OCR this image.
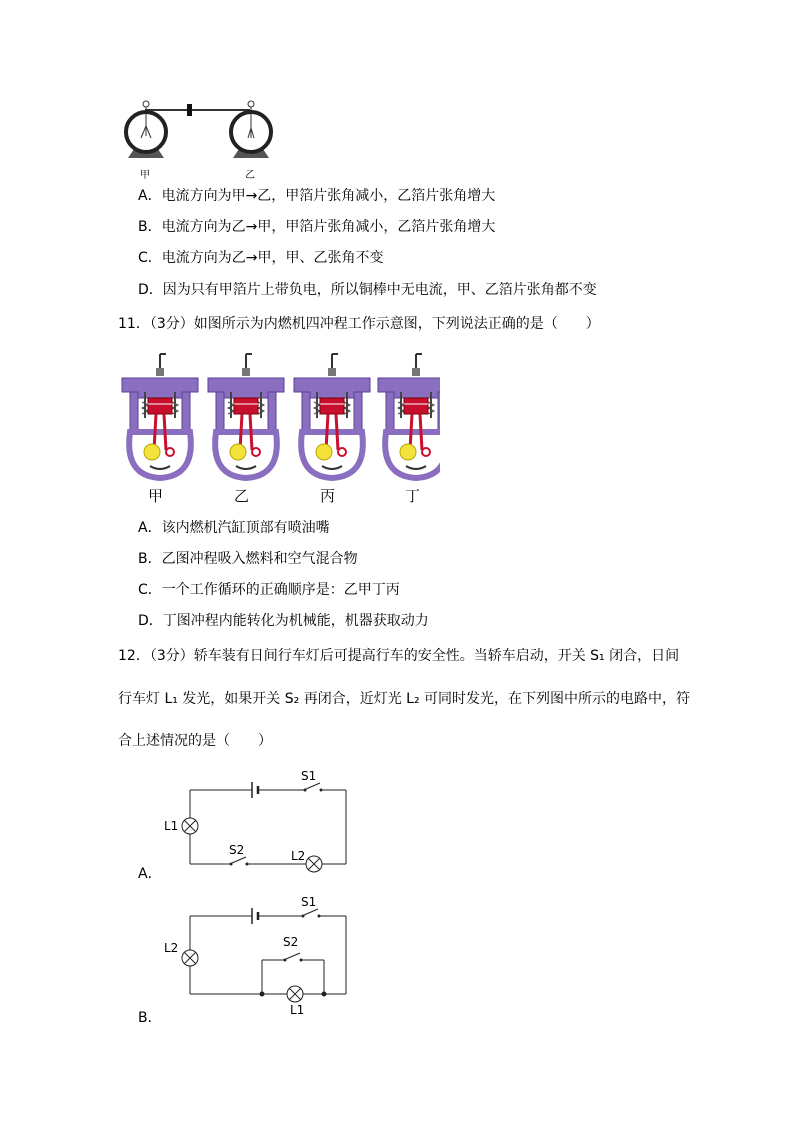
甲	乙
A．电流方向为甲→乙，甲箔片张角减小，乙箔片张角增大
B．电流方向为乙→甲，甲箔片张角减小，乙箔片张角增大
C．电流方向为乙→甲，甲、乙张角不变
D．因为只有甲箔片上带负电，所以铜棒中无电流，甲、乙箔片张角都不变
11．（3分）如图所示为内燃机四冲程工作示意图，下列说法正确的是（　　）
甲	乙	丙	丁
A．该内燃机汽缸顶部有喷油嘴
B．乙图冲程吸入燃料和空气混合物
C．一个工作循环的正确顺序是：乙甲丁丙
D．丁图冲程内能转化为机械能，机器获取动力
12．（3分）轿车装有日间行车灯后可提高行车的安全性。当轿车启动，开关 S₁ 闭合，日间
行车灯 L₁ 发光，如果开关 S₂ 再闭合，近灯光 L₂ 可同时发光，在下列图中所示的电路中，符
合上述情况的是（　　）
S1
L1
S2	L2
A．
S1
L2	S2
L1
B．
